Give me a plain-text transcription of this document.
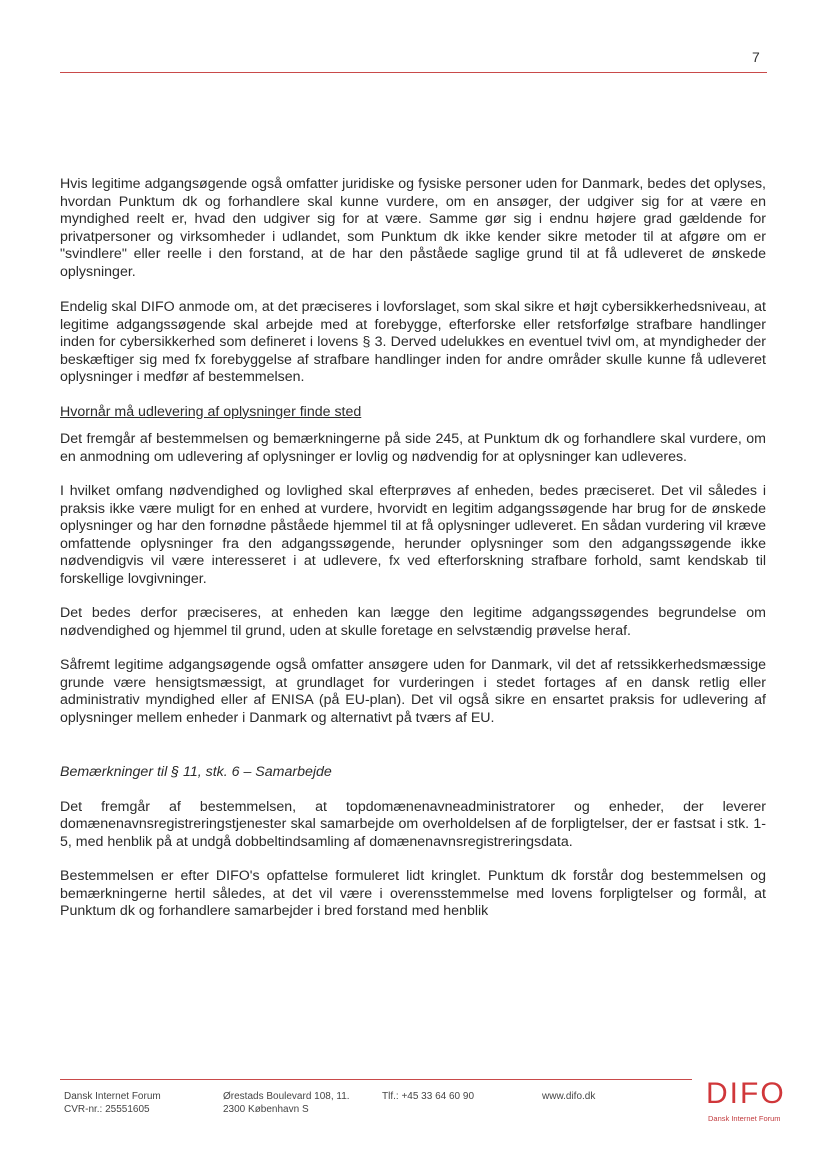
7

Hvis legitime adgangsøgende også omfatter juridiske og fysiske personer uden for Danmark, bedes det oplyses, hvordan Punktum dk og forhandlere skal kunne vurdere, om en ansøger, der udgiver sig for at være en myndighed reelt er, hvad den udgiver sig for at være. Samme gør sig i endnu højere grad gældende for privatpersoner og virksomheder i udlandet, som Punktum dk ikke kender sikre metoder til at afgøre om er "svindlere" eller reelle i den forstand, at de har den påståede saglige grund til at få udleveret de ønskede oplysninger.

Endelig skal DIFO anmode om, at det præciseres i lovforslaget, som skal sikre et højt cybersikkerhedsniveau, at legitime adgangssøgende skal arbejde med at forebygge, efterforske eller retsforfølge strafbare handlinger inden for cybersikkerhed som defineret i lovens § 3. Derved udelukkes en eventuel tvivl om, at myndigheder der beskæftiger sig med fx forebyggelse af strafbare handlinger inden for andre områder skulle kunne få udleveret oplysninger i medfør af bestemmelsen.

Hvornår må udlevering af oplysninger finde sted

Det fremgår af bestemmelsen og bemærkningerne på side 245, at Punktum dk og forhandlere skal vurdere, om en anmodning om udlevering af oplysninger er lovlig og nødvendig for at oplysninger kan udleveres.

I hvilket omfang nødvendighed og lovlighed skal efterprøves af enheden, bedes præciseret. Det vil således i praksis ikke være muligt for en enhed at vurdere, hvorvidt en legitim adgangssøgende har brug for de ønskede oplysninger og har den fornødne påståede hjemmel til at få oplysninger udleveret. En sådan vurdering vil kræve omfattende oplysninger fra den adgangssøgende, herunder oplysninger som den adgangssøgende ikke nødvendigvis vil være interesseret i at udlevere, fx ved efterforskning strafbare forhold, samt kendskab til forskellige lovgivninger.

Det bedes derfor præciseres, at enheden kan lægge den legitime adgangssøgendes begrundelse om nødvendighed og hjemmel til grund, uden at skulle foretage en selvstændig prøvelse heraf.

Såfremt legitime adgangsøgende også omfatter ansøgere uden for Danmark, vil det af retssikkerhedsmæssige grunde være hensigtsmæssigt, at grundlaget for vurderingen i stedet fortages af en dansk retlig eller administrativ myndighed eller af ENISA (på EU-plan). Det vil også sikre en ensartet praksis for udlevering af oplysninger mellem enheder i Danmark og alternativt på tværs af EU.

Bemærkninger til § 11, stk. 6 – Samarbejde

Det fremgår af bestemmelsen, at topdomænenavneadministratorer og enheder, der leverer domænenavnsregistreringstjenester skal samarbejde om overholdelsen af de forpligtelser, der er fastsat i stk. 1-5, med henblik på at undgå dobbeltindsamling af domænenavnsregistreringsdata.

Bestemmelsen er efter DIFO's opfattelse formuleret lidt kringlet. Punktum dk forstår dog bestemmelsen og bemærkningerne hertil således, at det vil være i overensstemmelse med lovens forpligtelser og formål, at Punktum dk og forhandlere samarbejder i bred forstand med henblik

Dansk Internet Forum
CVR-nr.: 25551605
Ørestads Boulevard 108, 11.
2300 København S
Tlf.: +45 33 64 60 90	www.difo.dk	DIFO
Dansk Internet Forum
